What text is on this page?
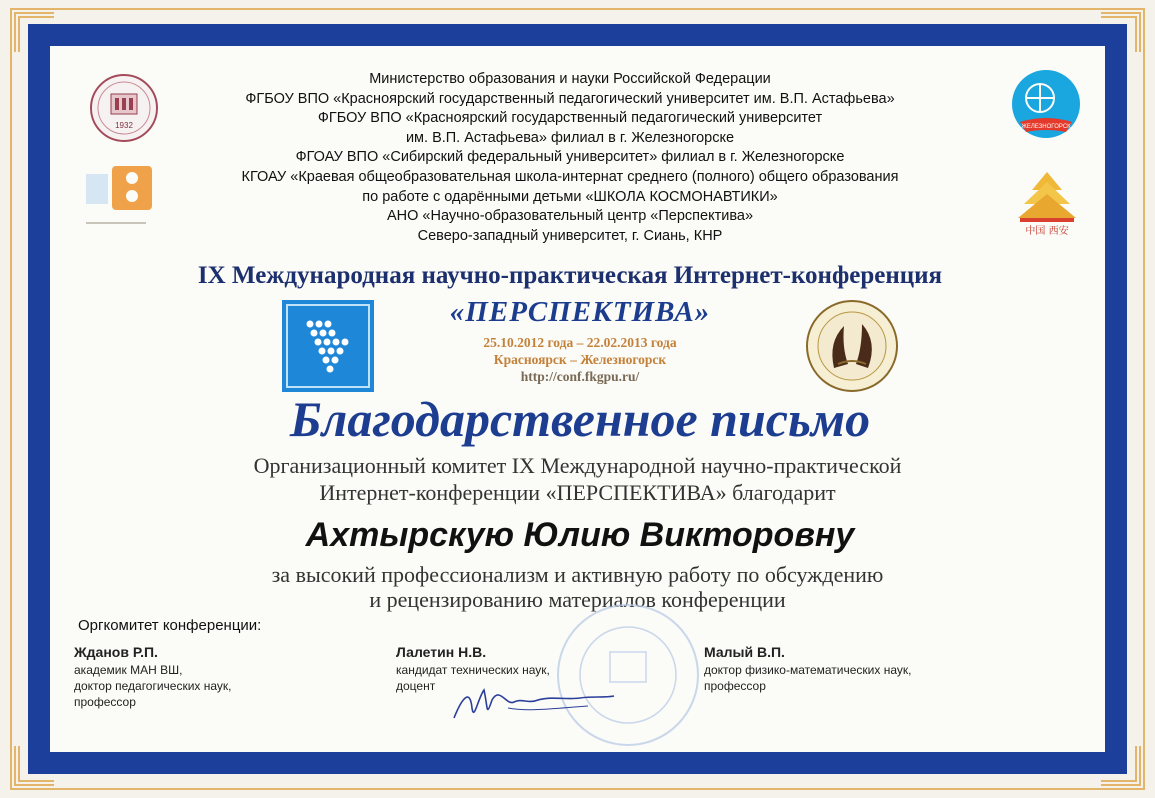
1932	ЖЕЛЕЗНОГОРСК
中国 西安
Министерство образования и науки Российской Федерации
ФГБОУ ВПО «Красноярский государственный педагогический университет им. В.П. Астафьева»
ФГБОУ ВПО «Красноярский государственный педагогический университет
им. В.П. Астафьева» филиал в г. Железногорске
ФГОАУ ВПО «Сибирский федеральный университет» филиал в г. Железногорске
КГОАУ «Краевая общеобразовательная школа-интернат среднего (полного) общего образования
по работе с одарёнными детьми «ШКОЛА КОСМОНАВТИКИ»
АНО «Научно-образовательный центр «Перспектива»
Северо-западный университет, г. Сиань, КНР
IX Международная научно-практическая Интернет-конференция
«ПЕРСПЕКТИВА»
25.10.2012 года – 22.02.2013 года
Красноярск – Железногорск
http://conf.fkgpu.ru/
Благодарственное письмо
Организационный комитет IX Международной научно-практической
Интернет-конференции «ПЕРСПЕКТИВА» благодарит
Ахтырскую Юлию Викторовну
за высокий профессионализм и активную работу по обсуждению
и рецензированию материалов конференции
Оргкомитет конференции:
Жданов Р.П.
академик МАН ВШ,
доктор педагогических наук,
профессор
Лалетин Н.В.
кандидат технических наук,
доцент
Малый В.П.
доктор физико-математических наук,
профессор
